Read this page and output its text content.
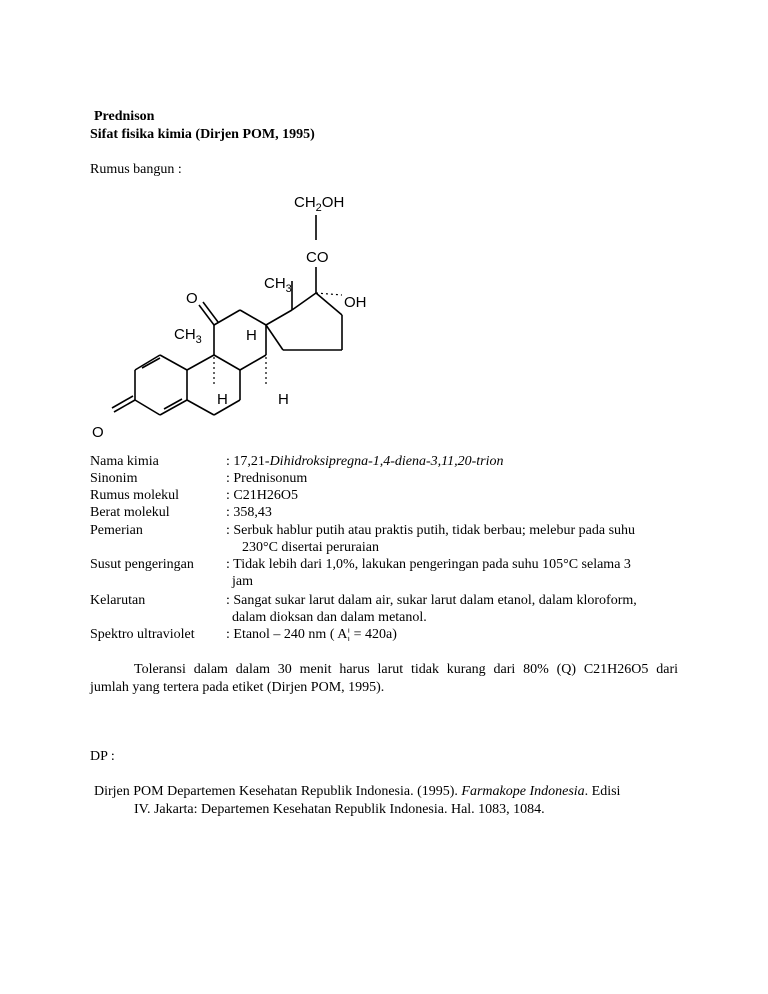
Prednison
Sifat fisika kimia (Dirjen POM, 1995)
Rumus bangun :
$CH_2OH$
CO
$CH_3$
OH
O
$CH_3$	H
H	H
O
Nama kimia	: 17,21-Dihidroksipregna-1,4-diena-3,11,20-trion
Sinonim	: Prednisonum
Rumus molekul	: C21H26O5
Berat molekul	: 358,43
Pemerian	: Serbuk hablur putih atau praktis putih, tidak berbau; melebur pada suhu
230°C disertai peruraian
Susut pengeringan : Tidak lebih dari 1,0%, lakukan pengeringan pada suhu 105°C selama 3
jam
Kelarutan	: Sangat sukar larut dalam air, sukar larut dalam etanol, dalam kloroform,
dalam dioksan dan dalam metanol.
Spektro ultraviolet : Etanol – 240 nm ( A¦ = 420a)
Toleransi dalam dalam 30 menit harus larut tidak kurang dari 80% (Q) C21H26O5 dari
jumlah yang tertera pada etiket (Dirjen POM, 1995).
DP :
Dirjen POM Departemen Kesehatan Republik Indonesia. (1995). Farmakope Indonesia. Edisi
IV. Jakarta: Departemen Kesehatan Republik Indonesia. Hal. 1083, 1084.
